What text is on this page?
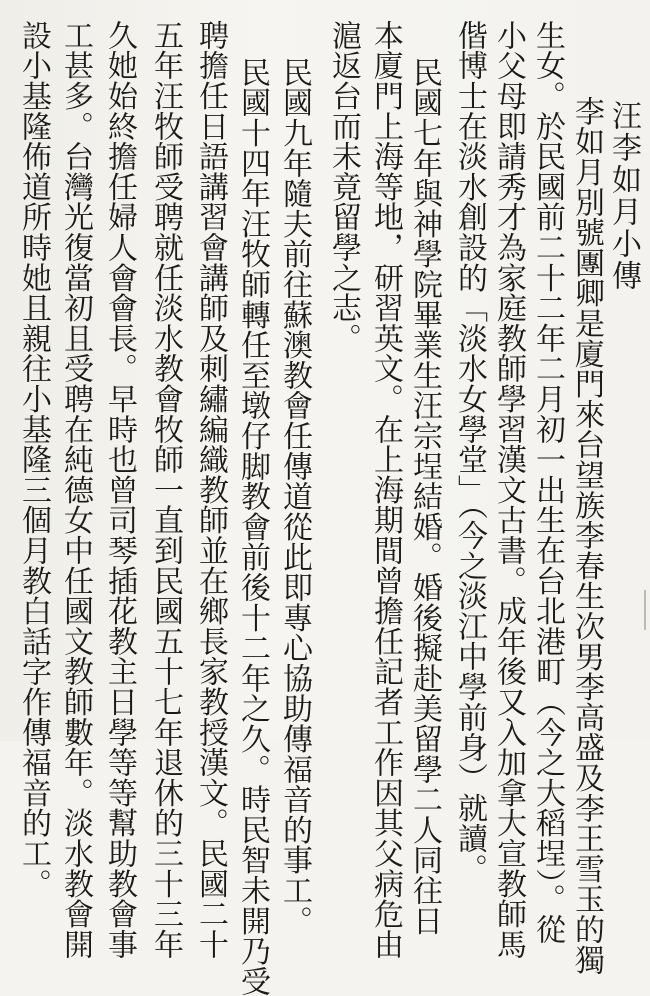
汪李如月小傳
李如月別號團卿是廈門來台望族李春生次男李高盛及李王雪玉的獨
生女。於民國前二十二年二月初一出生在台北港町（今之大稻埕）。從
小父母即請秀才為家庭教師學習漢文古書。成年後又入加拿大宣教師馬
偕博士在淡水創設的「淡水女學堂」（今之淡江中學前身）就讀。
民國七年與神學院畢業生汪宗埕結婚。婚後擬赴美留學二人同往日
本廈門上海等地，研習英文。在上海期間曾擔任記者工作因其父病危由
滬返台而未竟留學之志。
民國九年隨夫前往蘇澳教會任傳道從此即專心協助傳福音的事工。
民國十四年汪牧師轉任至墩仔脚教會前後十二年之久。時民智未開乃受
聘擔任日語講習會講師及刺繡編織教師並在鄉長家教授漢文。民國二十
五年汪牧師受聘就任淡水教會牧師一直到民國五十七年退休的三十三年
久她始終擔任婦人會會長。早時也曾司琴插花教主日學等等幫助教會事
工甚多。台灣光復當初且受聘在純德女中任國文教師數年。淡水教會開
設小基隆佈道所時她且親往小基隆三個月教白話字作傳福音的工。
